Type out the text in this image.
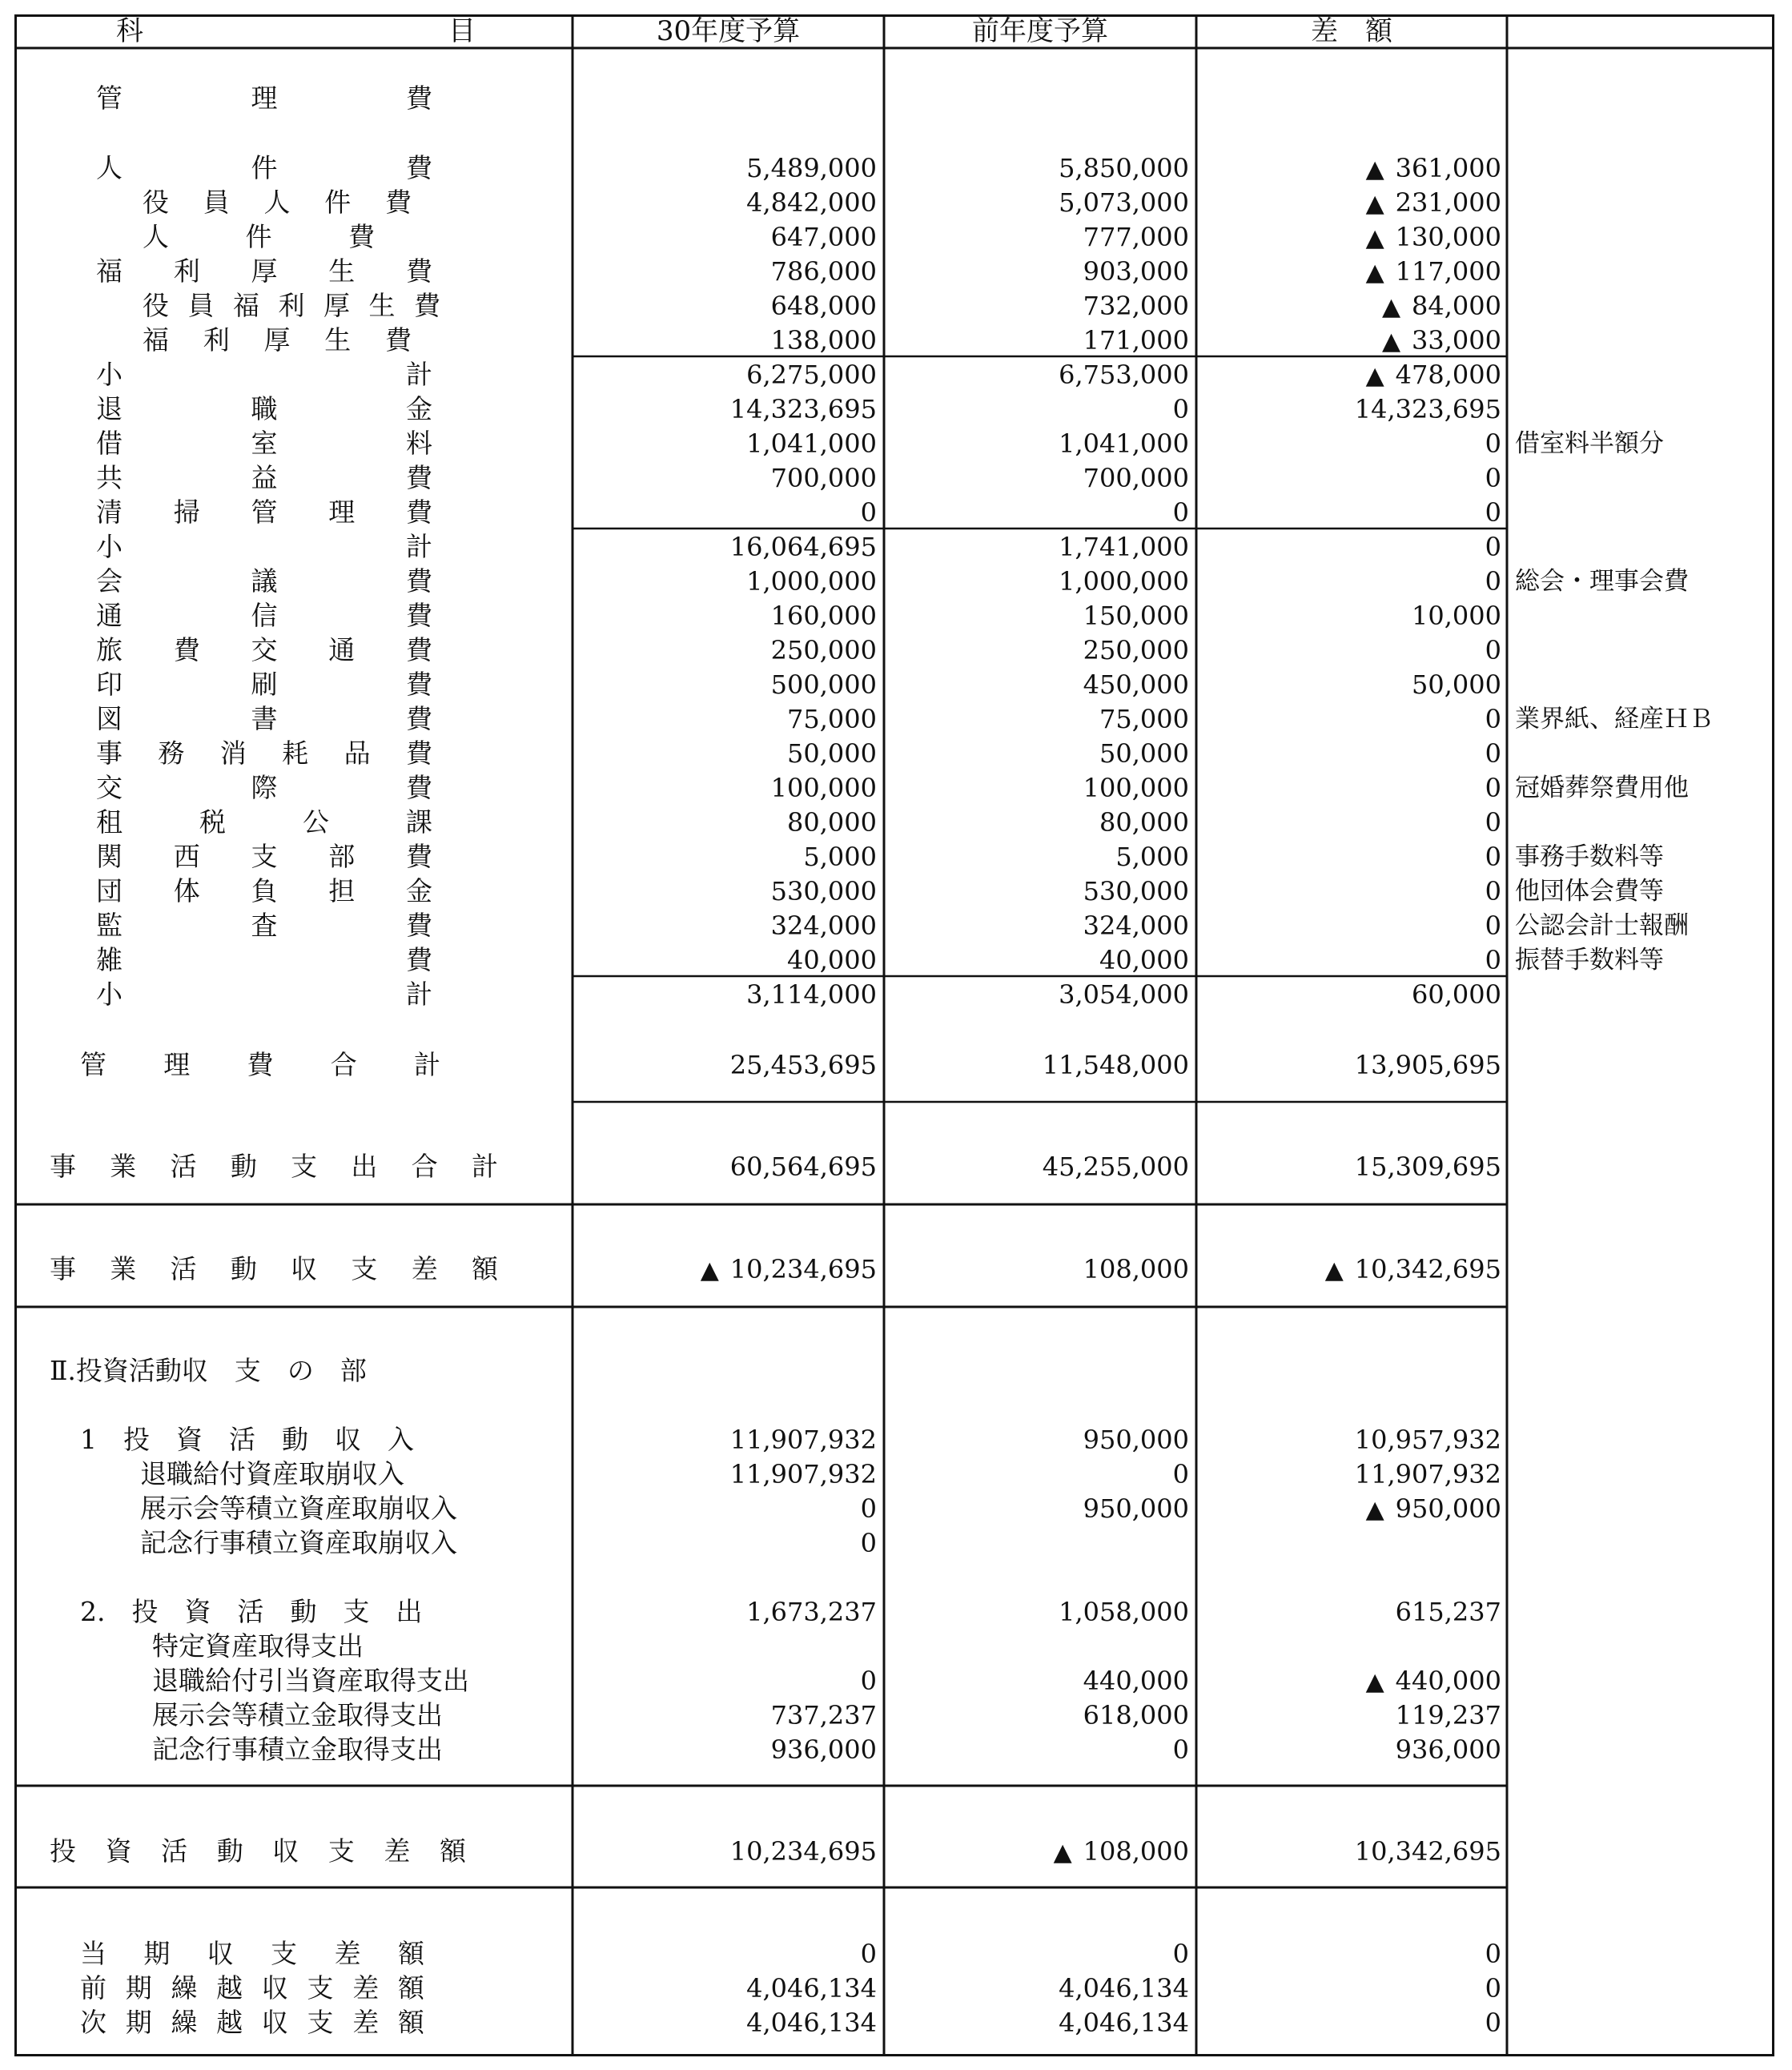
科	目	30年度予算	前年度予算	差　額
管	理	費
人	件	費	5,489,000	5,850,000	▲ 361,000
役 員 人 件 費	4,842,000	5,073,000	▲ 231,000
人	件	費	647,000	777,000	▲ 130,000
福 利 厚 生 費	786,000	903,000	▲ 117,000
役 員 福 利 厚 生 費	648,000	732,000	▲ 84,000
福 利 厚 生 費	138,000	171,000	▲ 33,000
小	計	6,275,000	6,753,000	▲ 478,000
退	職	金	14,323,695	0	14,323,695
借	室	料	1,041,000	1,041,000	0 借室料半額分
共	益	費	700,000	700,000	0
清 掃 管 理 費	0	0	0
小	計	16,064,695	1,741,000	0
会	議	費	1,000,000	1,000,000	0 総会・理事会費
通	信	費	160,000	150,000	10,000
旅 費 交 通 費	250,000	250,000	0
印	刷	費	500,000	450,000	50,000
図	書	費	75,000	75,000	0 業界紙、経産ＨＢ
事 務 消 耗 品 費	50,000	50,000	0
交	際	費	100,000	100,000	0 冠婚葬祭費用他
租	税	公	課	80,000	80,000	0
関 西 支 部 費	5,000	5,000	0 事務手数料等
団 体 負 担 金	530,000	530,000	0 他団体会費等
監	査	費	324,000	324,000	0 公認会計士報酬
雑	費	40,000	40,000	0 振替手数料等
小	計	3,114,000	3,054,000	60,000
管 理 費 合 計	25,453,695	11,548,000	13,905,695
事 業 活 動 支 出 合 計	60,564,695	45,255,000	15,309,695
事 業 活 動 収 支 差 額	▲ 10,234,695	108,000	▲ 10,342,695
Ⅱ.投資活動収　支　の　部
1　投　資　活　動　収　入	11,907,932	950,000	10,957,932
退職給付資産取崩収入	11,907,932	0	11,907,932
展示会等積立資産取崩収入	0	950,000	▲ 950,000
記念行事積立資産取崩収入	0
2.　投　資　活　動　支　出	1,673,237	1,058,000	615,237
特定資産取得支出
退職給付引当資産取得支出	0	440,000	▲ 440,000
展示会等積立金取得支出	737,237	618,000	119,237
記念行事積立金取得支出	936,000	0	936,000
投 資 活 動 収 支 差 額	10,234,695	▲ 108,000	10,342,695
当 期 収 支 差 額	0	0	0
前 期 繰 越 収 支 差 額	4,046,134	4,046,134	0
次 期 繰 越 収 支 差 額	4,046,134	4,046,134	0
